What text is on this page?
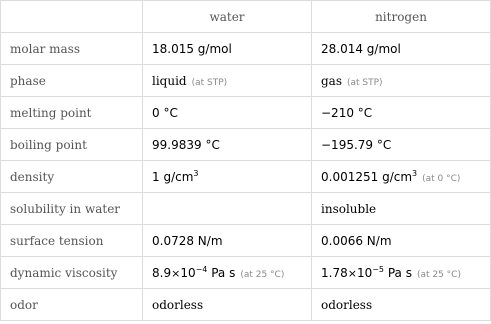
	water	nitrogen
molar mass	18.015 g/mol	28.014 g/mol
phase	liquid (at STP)	gas (at STP)
melting point	0 °C	−210 °C
boiling point	99.9839 °C	−195.79 °C
density	1 $g/cm^3$	0.001251 $g/cm^3(at$ 0 °C)
solubility in water		insoluble
surface tension	0.0728 N/m	0.0066 N/m
dynamic viscosity	$8.9\times 10^{-4}$ Pa s (at 25 °C)	$1.78\times 10^{-5}$ Pa s (at 25 °C)
odor	odorless	odorless
